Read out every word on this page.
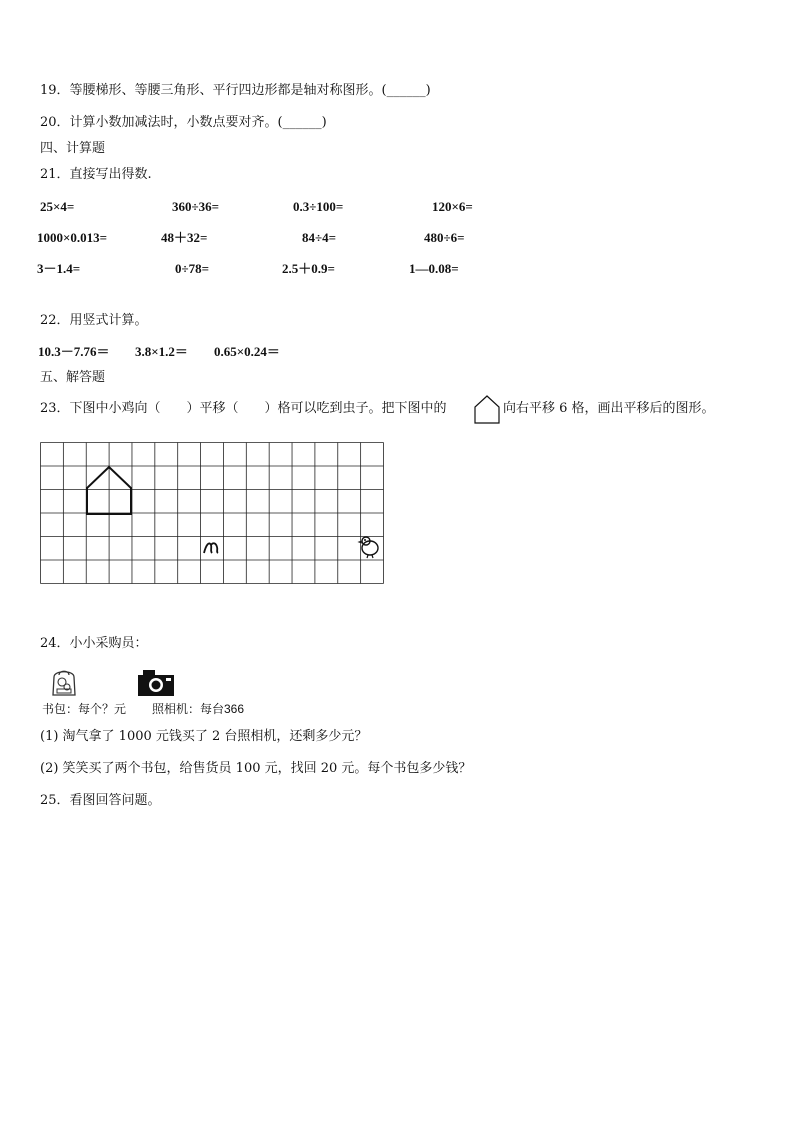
19．等腰梯形、等腰三角形、平行四边形都是轴对称图形。(______)
20．计算小数加减法时，小数点要对齐。(______)
四、计算题
21．直接写出得数.
25×4=	360÷36=	0.3÷100=	120×6=
1000×0.013=	48＋32=	84÷4=	480÷6=
3－1.4=	0÷78=	2.5＋0.9=	1—0.08=
22．用竖式计算。
10.3－7.76＝ 3.8×1.2＝ 0.65×0.24＝
五、解答题
23．下图中小鸡向（　　）平移（　　）格可以吃到虫子。把下图中的	向右平移 6 格，画出平移后的图形。
24．小小采购员：
书包：每个？元 照相机：每台366
(1) 淘气拿了 1000 元钱买了 2 台照相机，还剩多少元？
(2) 笑笑买了两个书包，给售货员 100 元，找回 20 元。每个书包多少钱？
25．看图回答问题。
